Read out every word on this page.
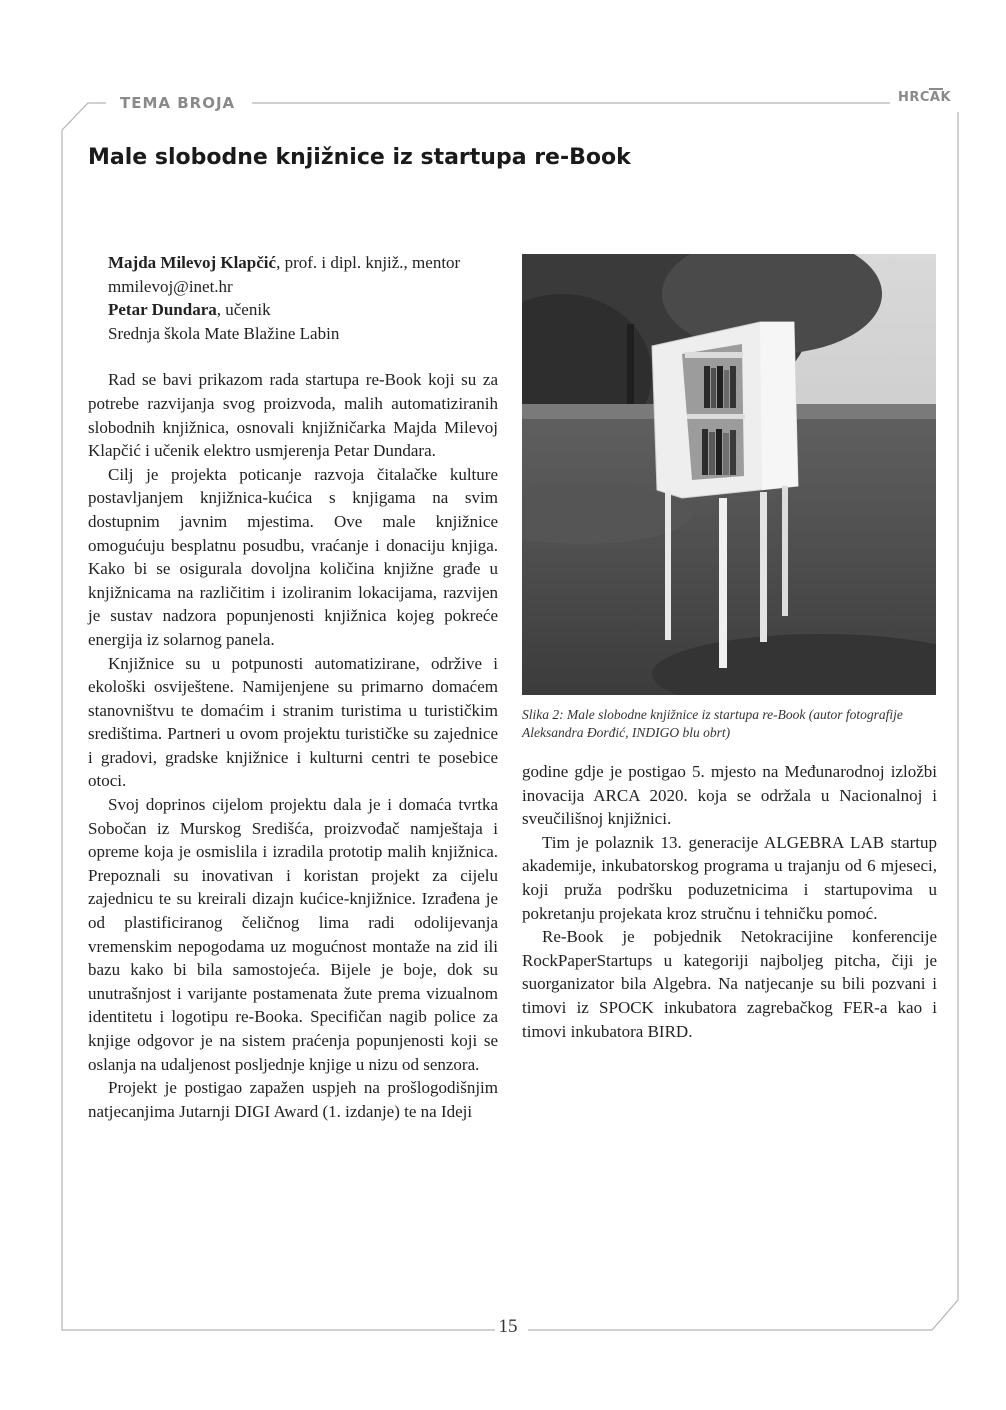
TEMA BROJA	HRCAK
Male slobodne knjižnice iz startupa re-Book

Majda Milevoj Klapčić, prof. i dipl. knjiž., mentor

mmilevoj@inet.hr

Petar Dundara, učenik

Srednja škola Mate Blažine Labin

Rad se bavi prikazom rada startupa re-Book koji su za potrebe razvijanja svog proizvoda, malih automatiziranih slobodnih knjižnica, osnovali knjižničarka Majda Milevoj Klapčić i učenik elektro usmjerenja Petar Dundara.

Cilj je projekta poticanje razvoja čitalačke kulture postavljanjem knjižnica-kućica s knjigama na svim dostupnim javnim mjestima. Ove male knjižnice omogućuju besplatnu posudbu, vraćanje i donaciju knjiga. Kako bi se osigurala dovoljna količina knjižne građe u knjižnicama na različitim i izoliranim lokacijama, razvijen je sustav nadzora popunjenosti knjižnica kojeg pokreće energija iz solarnog panela.

Knjižnice su u potpunosti automatizirane, održive i ekološki osviještene. Namijenjene su primarno domaćem stanovništvu te domaćim i stranim turistima u turističkim središtima. Partneri u ovom projektu turističke su zajednice i gradovi, gradske knjižnice i kulturni centri te posebice otoci.

Svoj doprinos cijelom projektu dala je i domaća tvrtka Sobočan iz Murskog Središća, proizvođač namještaja i opreme koja je osmislila i izradila prototip malih knjižnica. Prepoznali su inovativan i koristan projekt za cijelu zajednicu te su kreirali dizajn kućice-knjižnice. Izrađena je od plastificiranog čeličnog lima radi odolijevanja vremenskim nepogodama uz mogućnost montaže na zid ili bazu kako bi bila samostojeća. Bijele je boje, dok su unutrašnjost i varijante postamenata žute prema vizualnom identitetu i logotipu re-Booka. Specifičan nagib police za knjige odgovor je na sistem praćenja popunjenosti koji se oslanja na udaljenost posljednje knjige u nizu od senzora.

Projekt je postigao zapažen uspjeh na prošlogodišnjim natjecanjima Jutarnji DIGI Award (1. izdanje) te na Ideji

Slika 2: Male slobodne knjižnice iz startupa re-Book (autor fotografije Aleksandra Đorđić, INDIGO blu obrt)

godine gdje je postigao 5. mjesto na Međunarodnoj izložbi inovacija ARCA 2020. koja se održala u Nacionalnoj i sveučilišnoj knjižnici.

Tim je polaznik 13. generacije ALGEBRA LAB startup akademije, inkubatorskog programa u trajanju od 6 mjeseci, koji pruža podršku poduzetnicima i startupovima u pokretanju projekata kroz stručnu i tehničku pomoć.

Re-Book je pobjednik Netokracijine konferencije RockPaperStartups u kategoriji najboljeg pitcha, čiji je suorganizator bila Algebra. Na natjecanje su bili pozvani i timovi iz SPOCK inkubatora zagrebačkog FER-a kao i timovi inkubatora BIRD.

15
